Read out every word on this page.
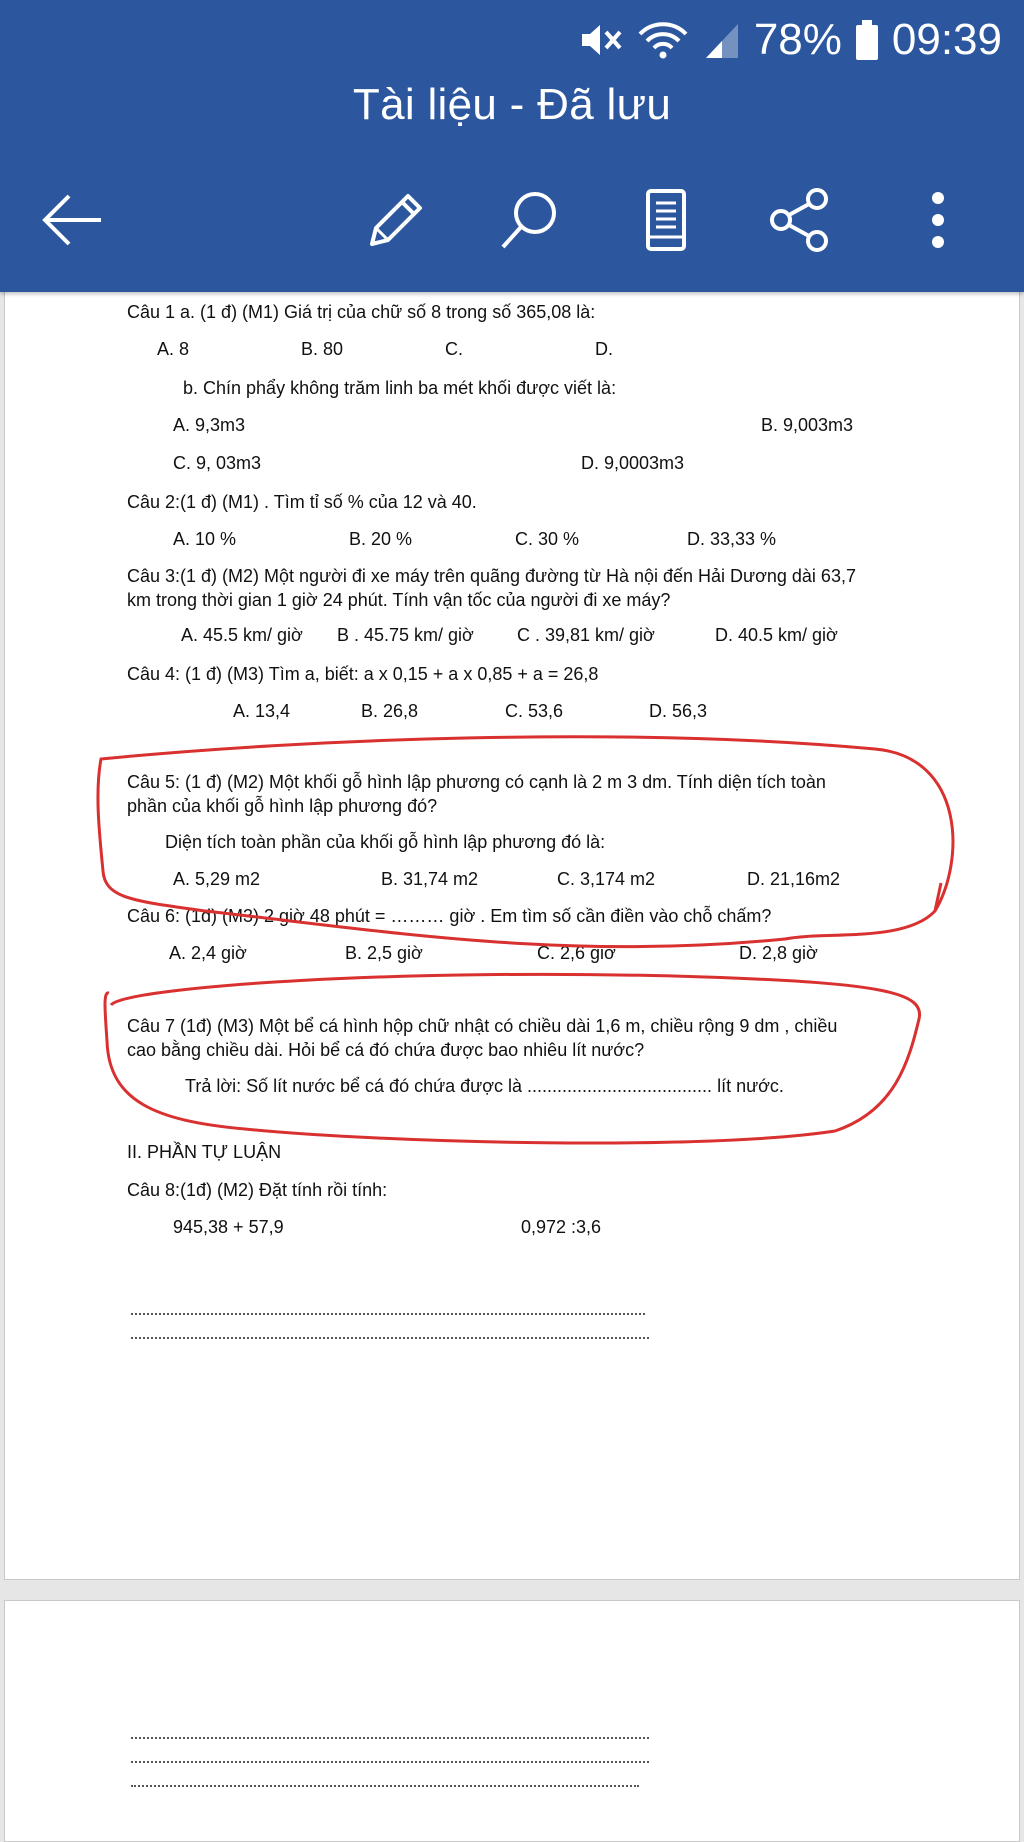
78% 09:39
Tài liệu - Đã lưu
Câu 1 a. (1 đ) (M1) Giá trị của chữ số 8 trong số 365,08 là:
A. 8	B. 80	C.	D.
b. Chín phẩy không trăm linh ba mét khối được viết là:
A. 9,3m3	B. 9,003m3
C. 9, 03m3	D. 9,0003m3
Câu 2:(1 đ) (M1) . Tìm tỉ số % của 12 và 40.
A. 10 %	B. 20 %	C. 30 %	D. 33,33 %
Câu 3:(1 đ) (M2) Một người đi xe máy trên quãng đường từ Hà nội đến Hải Dương dài 63,7
km trong thời gian 1 giờ 24 phút. Tính vận tốc của người đi xe máy?
A. 45.5 km/ giờ B . 45.75 km/ giờ C . 39,81 km/ giờ	D. 40.5 km/ giờ
Câu 4: (1 đ) (M3) Tìm a, biết: a x 0,15 + a x 0,85 + a = 26,8
A. 13,4	B. 26,8	C. 53,6	D. 56,3
Câu 5: (1 đ) (M2) Một khối gỗ hình lập phương có cạnh là 2 m 3 dm. Tính diện tích toàn
phần của khối gỗ hình lập phương đó?
Diện tích toàn phần của khối gỗ hình lập phương đó là:
A. 5,29 m2	B. 31,74 m2	C. 3,174 m2	D. 21,16m2
Câu 6: (1đ) (M3) 2 giờ 48 phút = ……… giờ . Em tìm số cần điền vào chỗ chấm?
A. 2,4 giờ	B. 2,5 giờ	C. 2,6 giờ	D. 2,8 giờ
Câu 7 (1đ) (M3) Một bể cá hình hộp chữ nhật có chiều dài 1,6 m, chiều rộng 9 dm , chiều
cao bằng chiều dài. Hỏi bể cá đó chứa được bao nhiêu lít nước?
Trả lời: Số lít nước bể cá đó chứa được là ..................................... lít nước.
II. PHẦN TỰ LUẬN
Câu 8:(1đ) (M2) Đặt tính rồi tính:
945,38 + 57,9	0,972 :3,6
